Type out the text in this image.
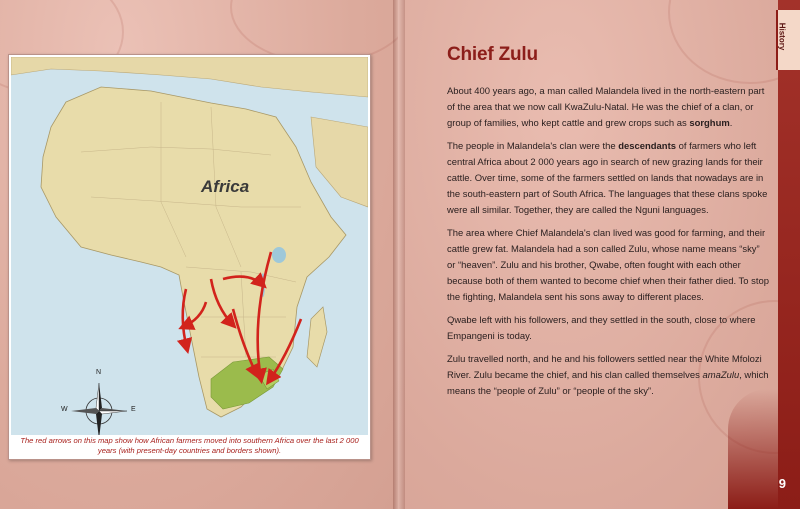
Africa
N
W	E
The red arrows on this map show how African farmers moved into southern Africa over the last 2 000 years (with present-day countries and borders shown).
Chief Zulu

About 400 years ago, a man called Malandela lived in the north-eastern part of the area that we now call KwaZulu-Natal. He was the chief of a clan, or group of families, who kept cattle and grew crops such as sorghum.

The people in Malandela's clan were the descendants of farmers who left central Africa about 2 000 years ago in search of new grazing lands for their cattle. Over time, some of the farmers settled on lands that nowadays are in the south-eastern part of South Africa. The languages that these clans spoke were all similar. Together, they are called the Nguni languages.

The area where Chief Malandela's clan lived was good for farming, and their cattle grew fat. Malandela had a son called Zulu, whose name means “sky” or “heaven”. Zulu and his brother, Qwabe, often fought with each other because both of them wanted to become chief when their father died. To stop the fighting, Malandela sent his sons away to different places.

Qwabe left with his followers, and they settled in the south, close to where Empangeni is today.

Zulu travelled north, and he and his followers settled near the White Mfolozi River. Zulu became the chief, and his clan called themselves amaZulu, which means the “people of Zulu” or “people of the sky”.

History
9
